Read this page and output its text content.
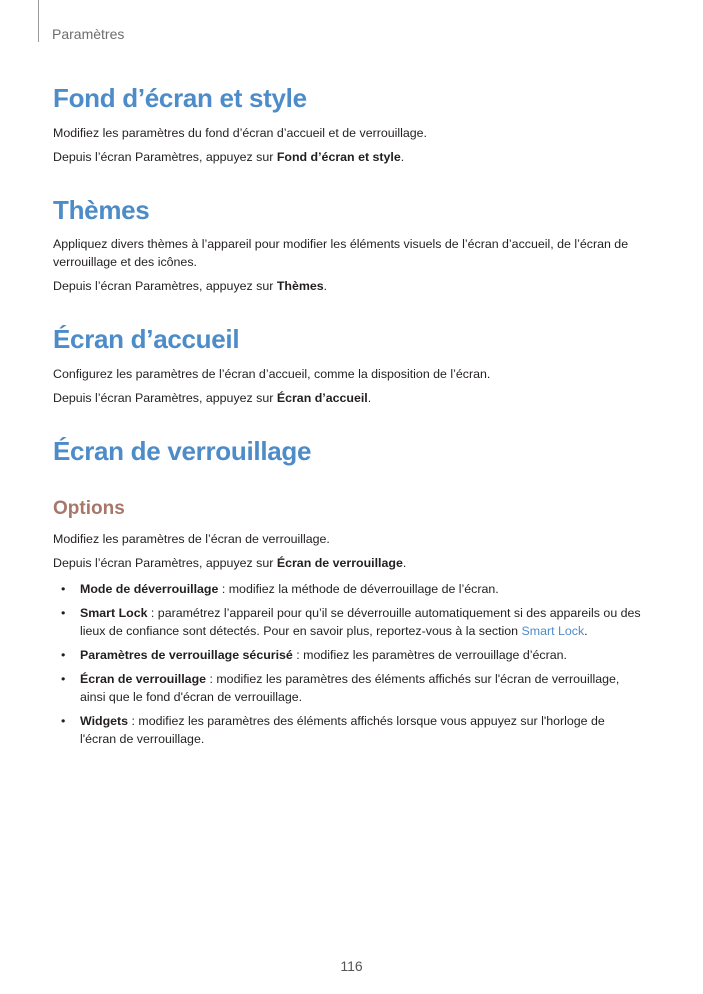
Paramètres
Fond d’écran et style

Modifiez les paramètres du fond d’écran d’accueil et de verrouillage.

Depuis l’écran Paramètres, appuyez sur Fond d’écran et style.

Thèmes

Appliquez divers thèmes à l’appareil pour modifier les éléments visuels de l’écran d’accueil, de l’écran de verrouillage et des icônes.

Depuis l’écran Paramètres, appuyez sur Thèmes.

Écran d’accueil

Configurez les paramètres de l’écran d’accueil, comme la disposition de l’écran.

Depuis l’écran Paramètres, appuyez sur Écran d’accueil.

Écran de verrouillage
Options

Modifiez les paramètres de l’écran de verrouillage.

Depuis l’écran Paramètres, appuyez sur Écran de verrouillage.

• Mode de déverrouillage : modifiez la méthode de déverrouillage de l’écran.
• Smart Lock : paramétrez l’appareil pour qu’il se déverrouille automatiquement si des appareils ou des lieux de confiance sont détectés. Pour en savoir plus, reportez-vous à la section Smart Lock.
• Paramètres de verrouillage sécurisé : modifiez les paramètres de verrouillage d’écran.
• Écran de verrouillage : modifiez les paramètres des éléments affichés sur l'écran de verrouillage, ainsi que le fond d'écran de verrouillage.
• Widgets : modifiez les paramètres des éléments affichés lorsque vous appuyez sur l'horloge de l'écran de verrouillage.
116
